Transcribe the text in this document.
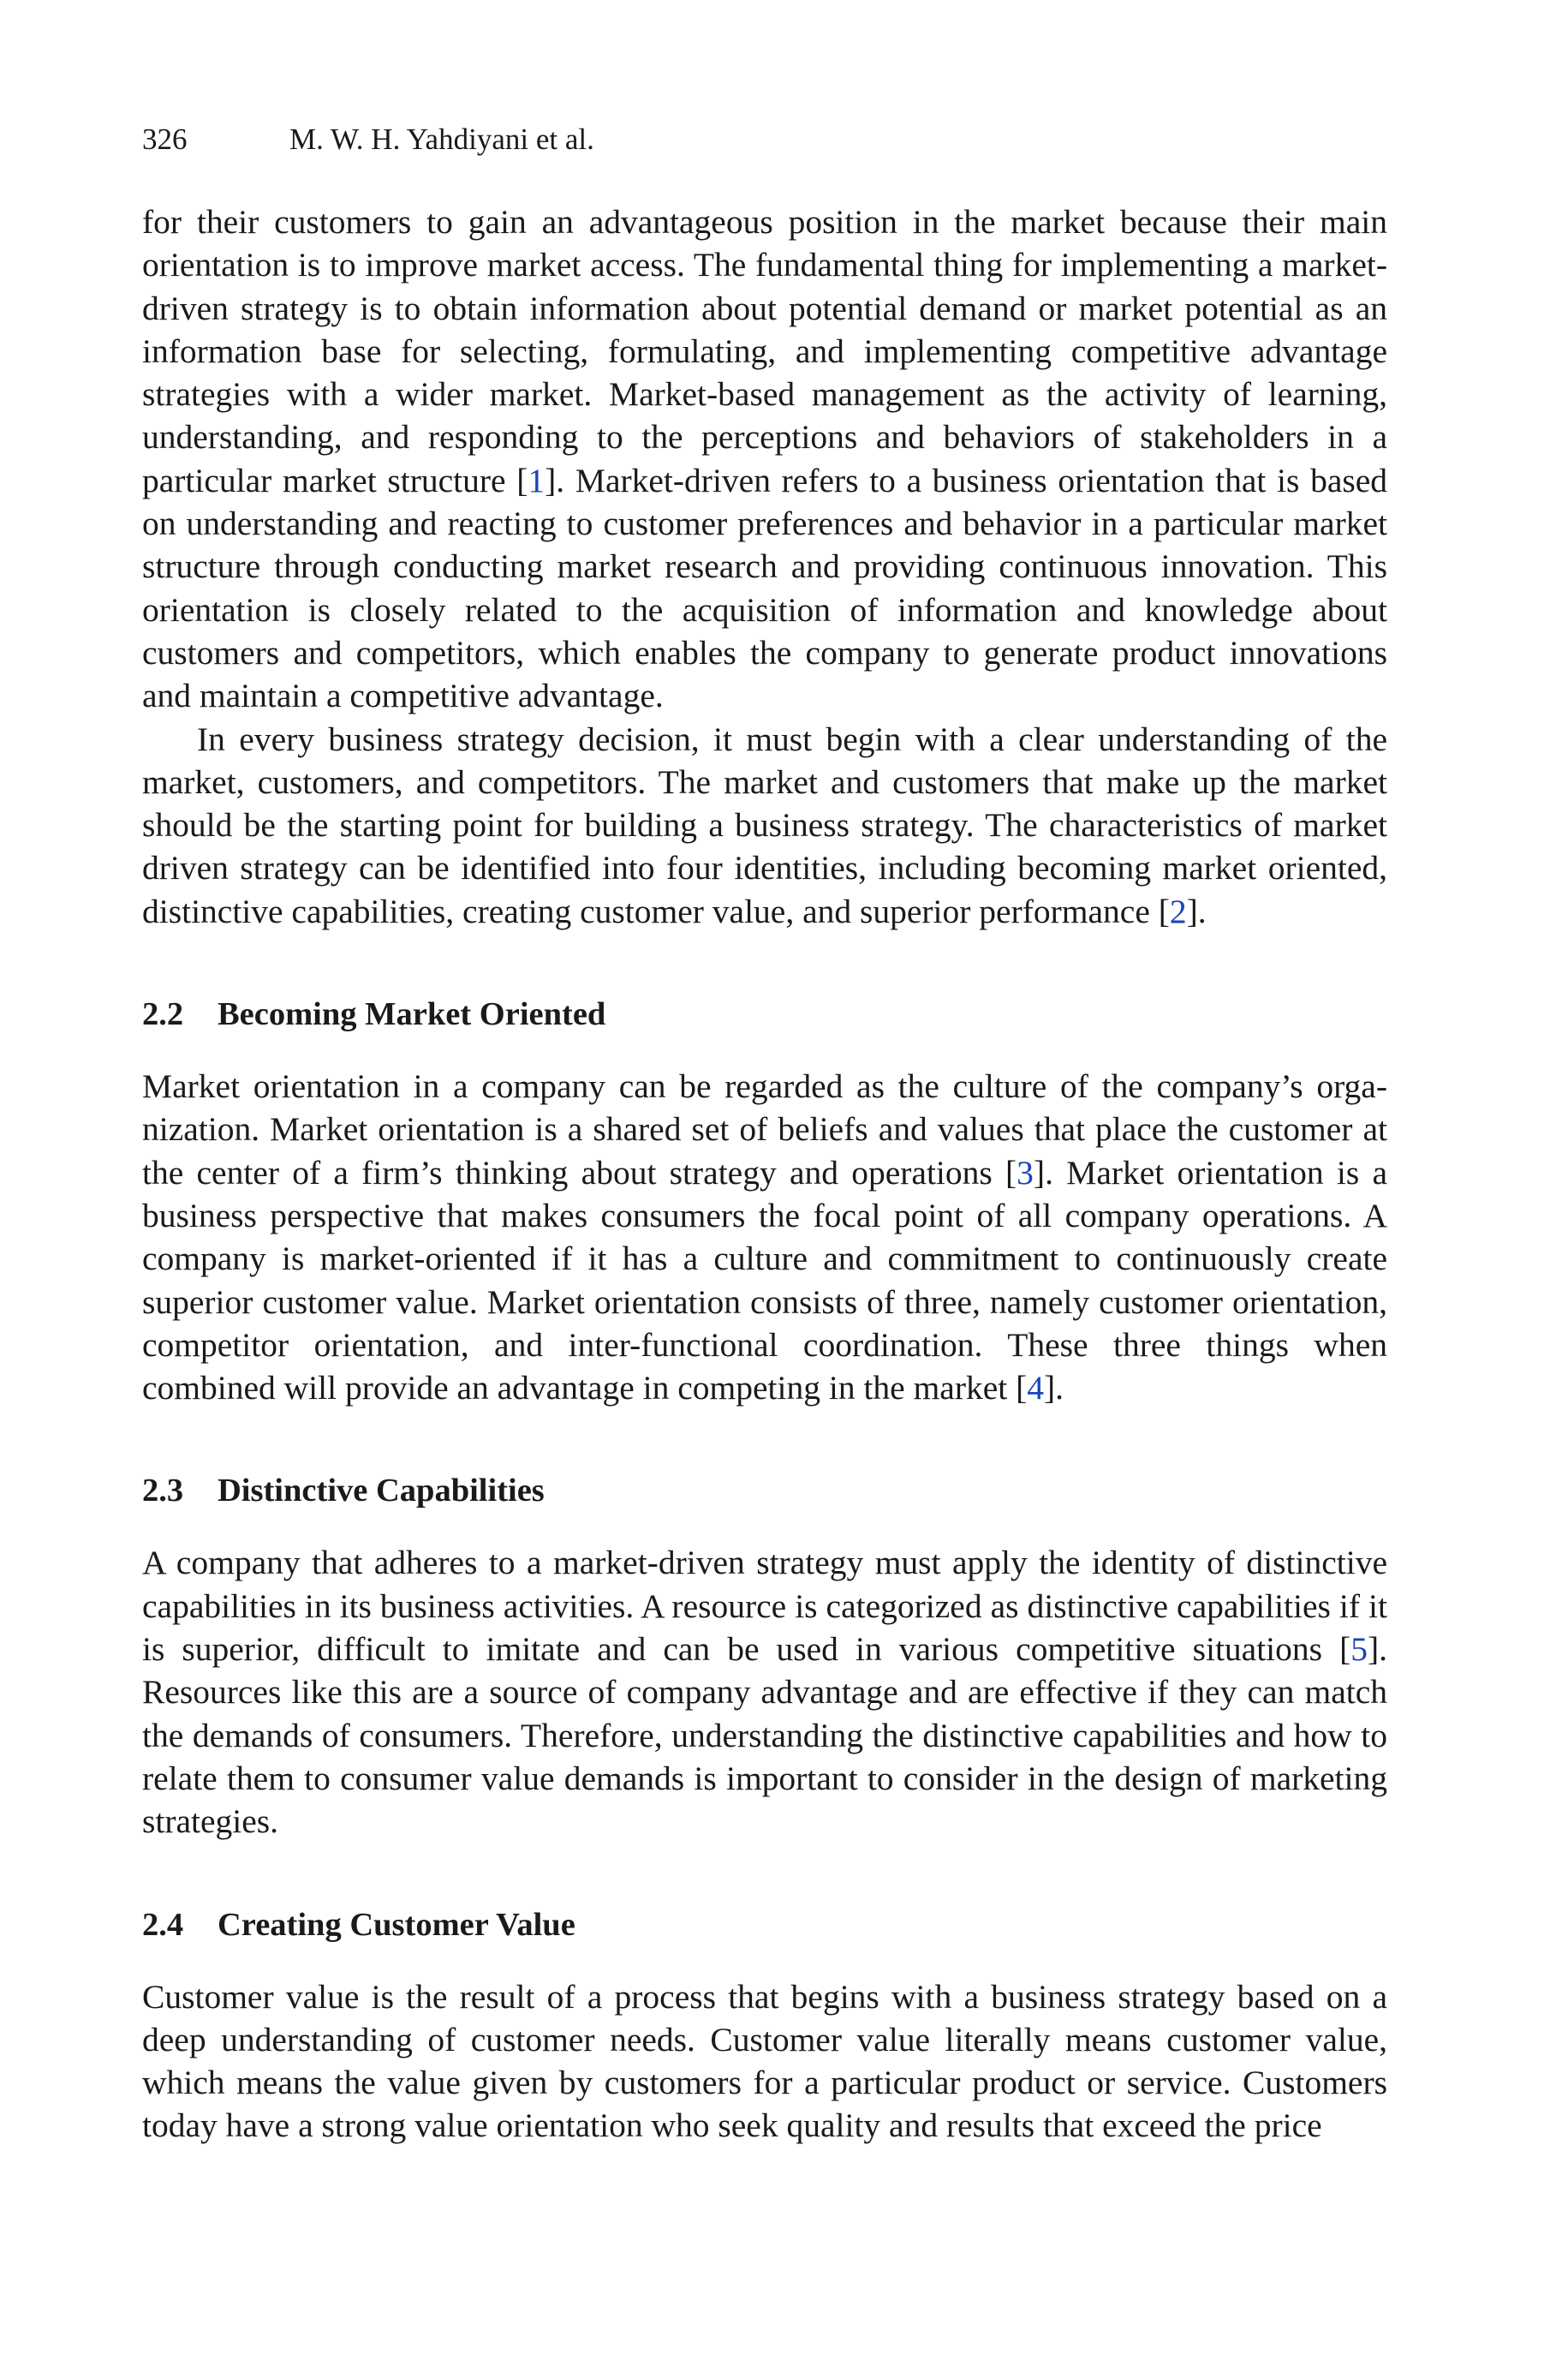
326	M. W. H. Yahdiyani et al.

for their customers to gain an advantageous position in the market because their main orientation is to improve market access. The fundamental thing for implementing a market-driven strategy is to obtain information about potential demand or market potential as an information base for selecting, formulating, and implementing competitive advantage strategies with a wider market. Market-based management as the activity of learning, understanding, and responding to the perceptions and behaviors of stakeholders in a particular market structure [1]. Market-driven refers to a business orientation that is based on understanding and reacting to customer preferences and behavior in a particular market structure through conducting market research and providing continuous innovation. This orientation is closely related to the acquisition of information and knowledge about customers and competitors, which enables the company to generate product innovations and maintain a competitive advantage.

In every business strategy decision, it must begin with a clear understanding of the market, customers, and competitors. The market and customers that make up the market should be the starting point for building a business strategy. The characteristics of market driven strategy can be identified into four identities, including becoming market oriented, distinctive capabilities, creating customer value, and superior performance [2].

2.2 Becoming Market Oriented

Market orientation in a company can be regarded as the culture of the company’s organization. Market orientation is a shared set of beliefs and values that place the customer at the center of a firm’s thinking about strategy and operations [3]. Market orientation is a business perspective that makes consumers the focal point of all company operations. A company is market-oriented if it has a culture and commitment to continuously create superior customer value. Market orientation consists of three, namely customer orientation, competitor orientation, and inter-functional coordination. These three things when combined will provide an advantage in competing in the market [4].

2.3 Distinctive Capabilities

A company that adheres to a market-driven strategy must apply the identity of distinctive capabilities in its business activities. A resource is categorized as distinctive capabilities if it is superior, difficult to imitate and can be used in various competitive situations [5]. Resources like this are a source of company advantage and are effective if they can match the demands of consumers. Therefore, understanding the distinctive capabilities and how to relate them to consumer value demands is important to consider in the design of marketing strategies.

2.4 Creating Customer Value

Customer value is the result of a process that begins with a business strategy based on a deep understanding of customer needs. Customer value literally means customer value, which means the value given by customers for a particular product or service. Customers today have a strong value orientation who seek quality and results that exceed the price
